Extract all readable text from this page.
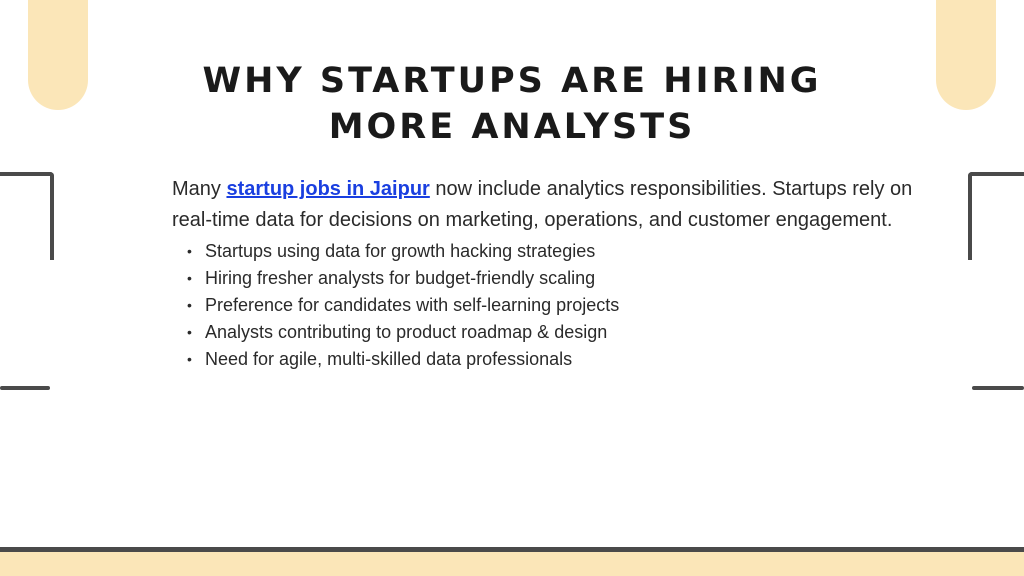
WHY STARTUPS ARE HIRING MORE ANALYSTS

Many startup jobs in Jaipur now include analytics responsibilities. Startups rely on real-time data for decisions on marketing, operations, and customer engagement.

• Startups using data for growth hacking strategies
• Hiring fresher analysts for budget-friendly scaling
• Preference for candidates with self-learning projects
• Analysts contributing to product roadmap & design
• Need for agile, multi-skilled data professionals
